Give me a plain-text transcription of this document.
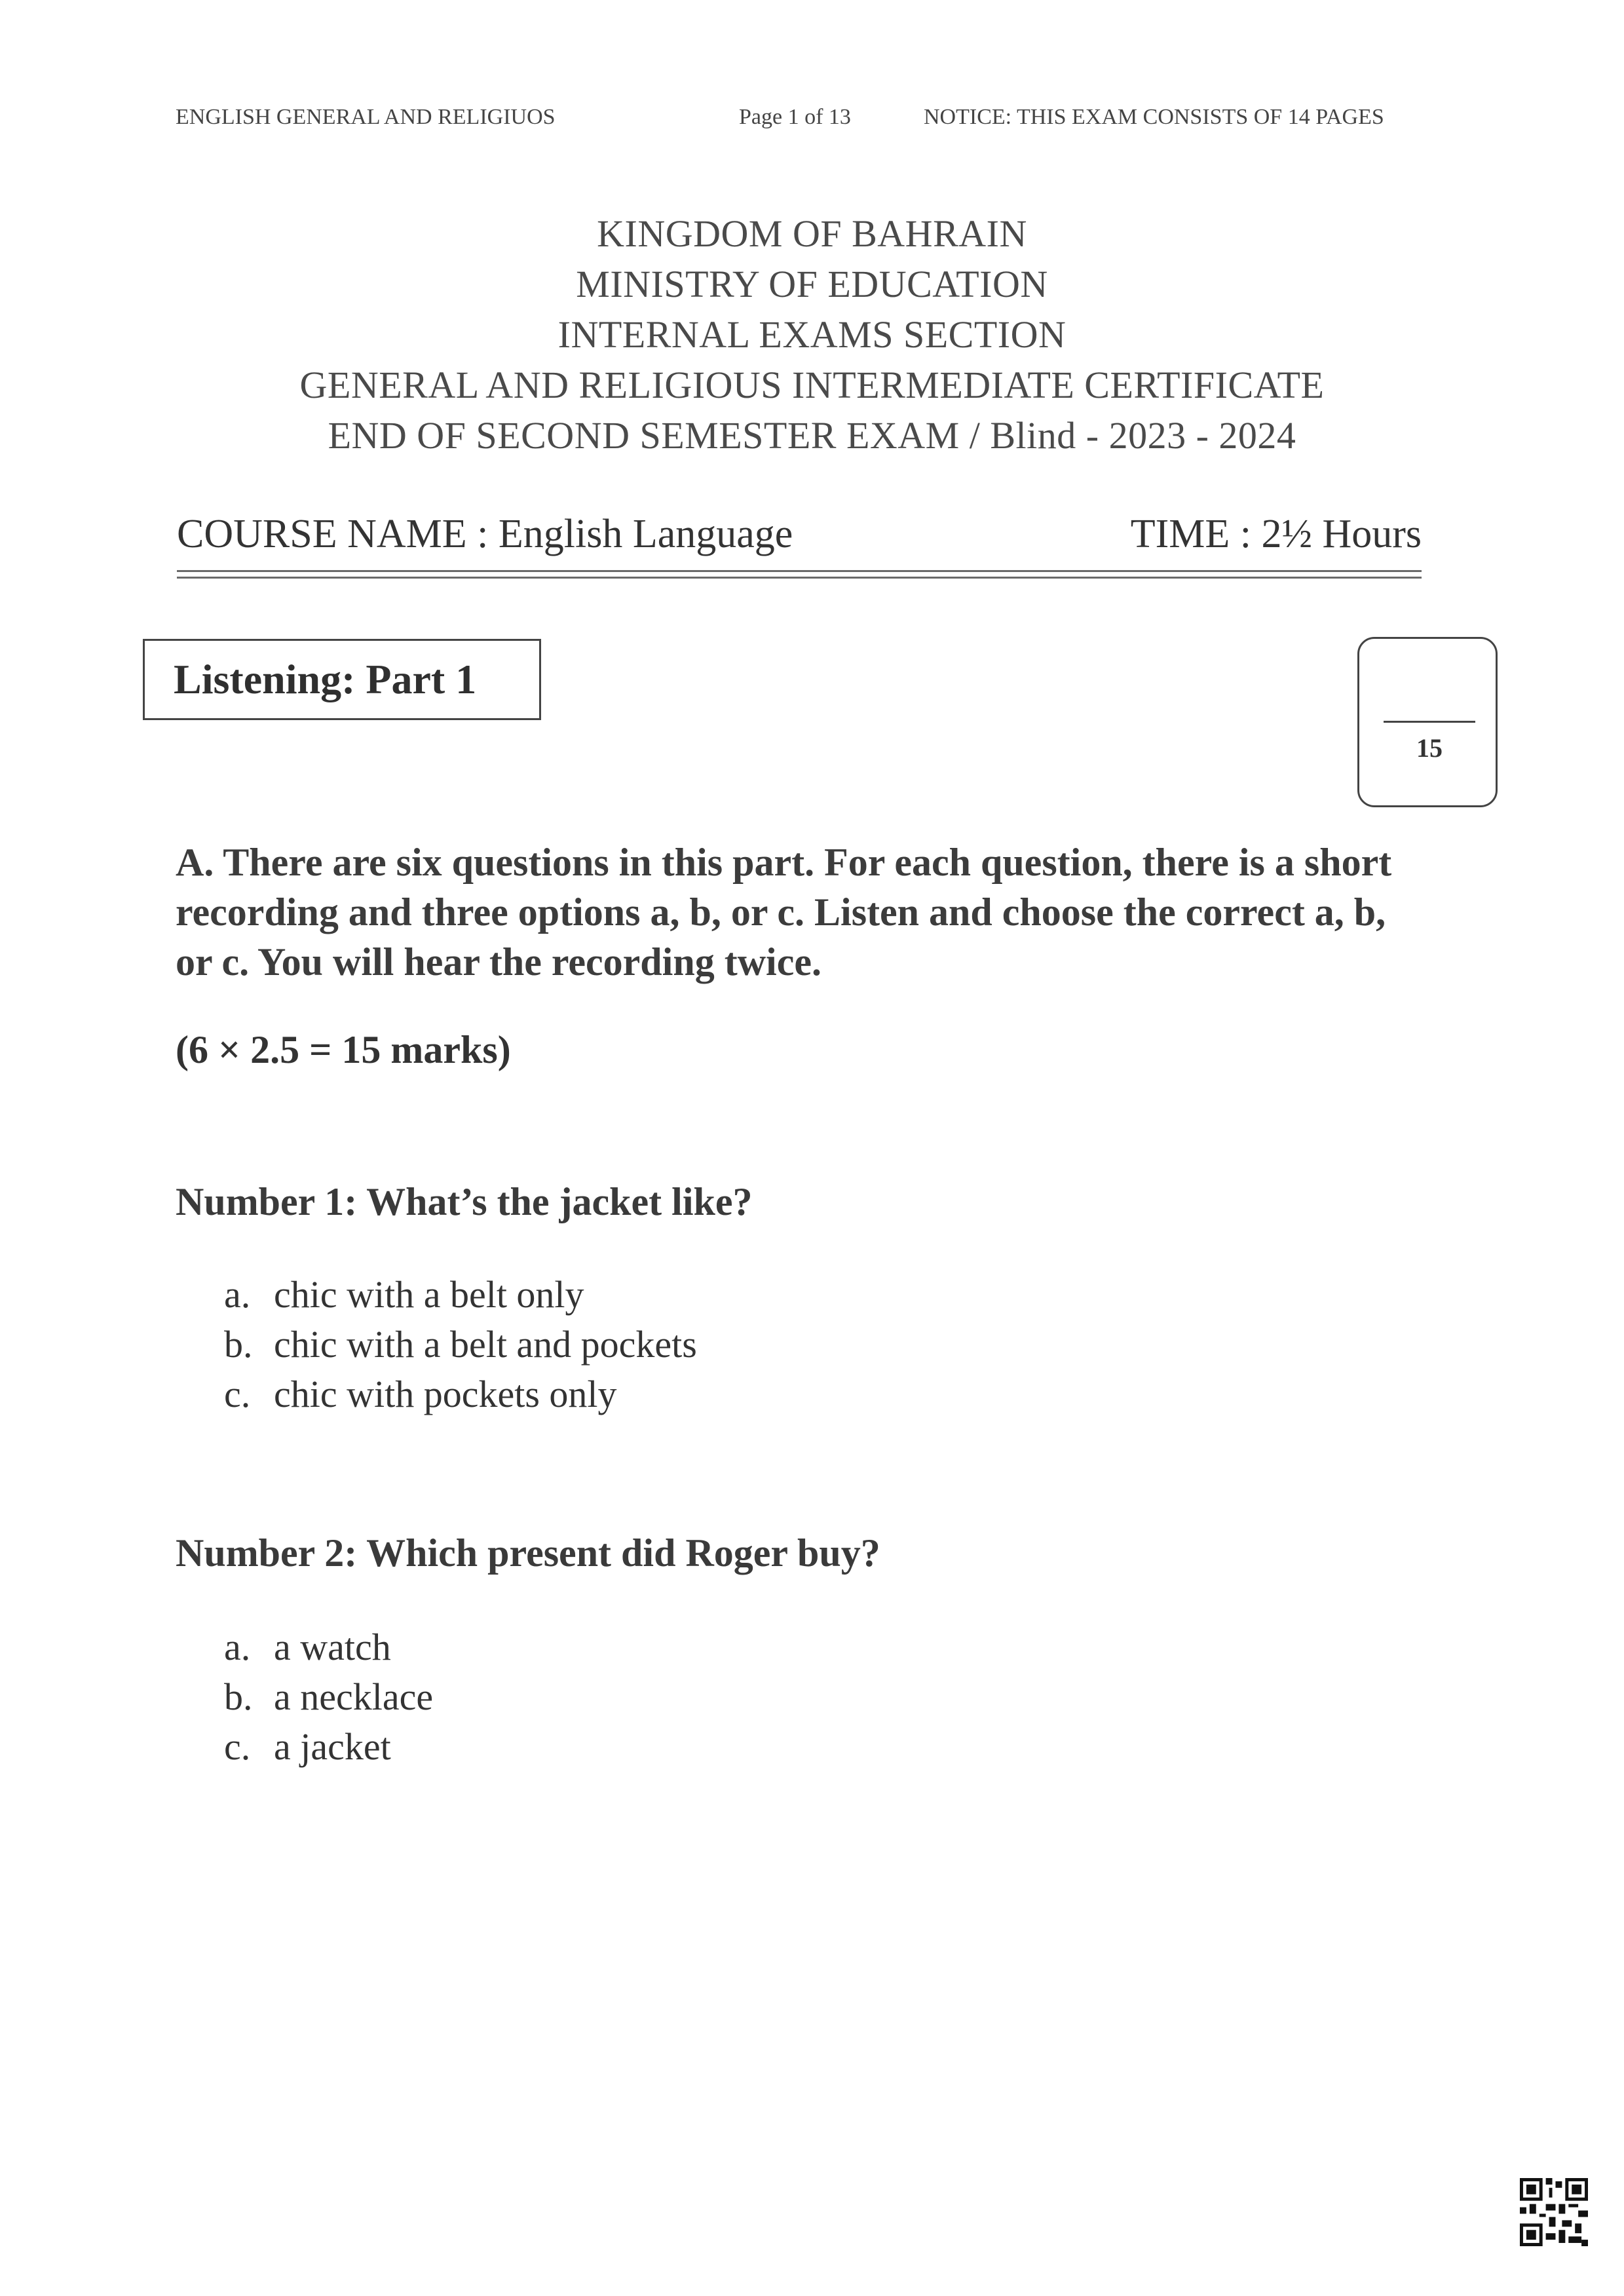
ENGLISH GENERAL AND RELIGIUOS	Page 1 of 13	NOTICE: THIS EXAM CONSISTS OF 14 PAGES
KINGDOM OF BAHRAIN
MINISTRY OF EDUCATION
INTERNAL EXAMS SECTION
GENERAL AND RELIGIOUS INTERMEDIATE CERTIFICATE
END OF SECOND SEMESTER EXAM / Blind - 2023 - 2024
COURSE NAME : English Language	TIME : 2½ Hours
Listening: Part 1
15
A. There are six questions in this part. For each question, there is a short recording and three options a, b, or c. Listen and choose the correct a, b, or c. You will hear the recording twice.
(6 × 2.5 = 15 marks)
Number 1: What’s the jacket like?
a. chic with a belt only
b. chic with a belt and pockets
c. chic with pockets only
Number 2: Which present did Roger buy?
a. a watch
b. a necklace
c. a jacket
